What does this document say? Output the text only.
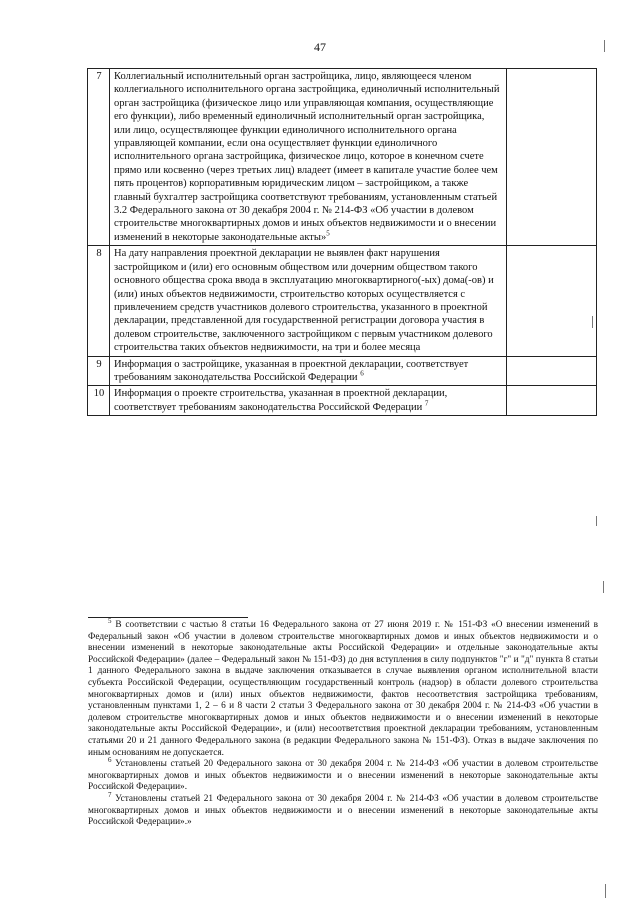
47
7	Коллегиальный исполнительный орган застройщика, лицо, являющееся членом коллегиального исполнительного органа застройщика, единоличный исполнительный орган застройщика (физическое лицо или управляющая компания, осуществляющие его функции), либо временный единоличный исполнительный орган застройщика, или лицо, осуществляющее функции единоличного исполнительного органа управляющей компании, если она осуществляет функции единоличного исполнительного органа застройщика, физическое лицо, которое в конечном счете прямо или косвенно (через третьих лиц) владеет (имеет в капитале участие более чем пять процентов) корпоративным юридическим лицом – застройщиком, а также главный бухгалтер застройщика соответствуют требованиям, установленным статьей 3.2 Федерального закона от 30 декабря 2004 г. № 214-ФЗ «Об участии в долевом строительстве многоквартирных домов и иных объектов недвижимости и о внесении изменений в некоторые законодательные акты»$^5$	
8	На дату направления проектной декларации не выявлен факт нарушения застройщиком и (или) его основным обществом или дочерним обществом такого основного общества срока ввода в эксплуатацию многоквартирного(-ых) дома(-ов) и (или) иных объектов недвижимости, строительство которых осуществляется с привлечением средств участников долевого строительства, указанного в проектной декларации, представленной для государственной регистрации договора участия в долевом строительстве, заключенного застройщиком с первым участником долевого строительства таких объектов недвижимости, на три и более месяца	
9	Информация о застройщике, указанная в проектной декларации, соответствует требованиям законодательства Российской Федерации $^6$	
10	Информация о проекте строительства, указанная в проектной декларации, соответствует требованиям законодательства Российской Федерации $^7$	

$^5$ В соответствии с частью 8 статьи 16 Федерального закона от 27 июня 2019 г. № 151-ФЗ «О внесении изменений в Федеральный закон «Об участии в долевом строительстве многоквартирных домов и иных объектов недвижимости и о внесении изменений в некоторые законодательные акты Российской Федерации» и отдельные законодательные акты Российской Федерации» (далее – Федеральный закон № 151-ФЗ) до дня вступления в силу подпунктов "г" и "д" пункта 8 статьи 1 данного Федерального закона в выдаче заключения отказывается в случае выявления органом исполнительной власти субъекта Российской Федерации, осуществляющим государственный контроль (надзор) в области долевого строительства многоквартирных домов и (или) иных объектов недвижимости, фактов несоответствия застройщика требованиям, установленным пунктами 1, 2 – 6 и 8 части 2 статьи 3 Федерального закона от 30 декабря 2004 г. № 214-ФЗ «Об участии в долевом строительстве многоквартирных домов и иных объектов недвижимости и о внесении изменений в некоторые законодательные акты Российской Федерации», и (или) несоответствия проектной декларации требованиям, установленным статьями 20 и 21 данного Федерального закона (в редакции Федерального закона № 151-ФЗ). Отказ в выдаче заключения по иным основаниям не допускается.

$^6$ Установлены статьей 20 Федерального закона от 30 декабря 2004 г. № 214-ФЗ «Об участии в долевом строительстве многоквартирных домов и иных объектов недвижимости и о внесении изменений в некоторые законодательные акты Российской Федерации».

$^7$ Установлены статьей 21 Федерального закона от 30 декабря 2004 г. № 214-ФЗ «Об участии в долевом строительстве многоквартирных домов и иных объектов недвижимости и о внесении изменений в некоторые законодательные акты Российской Федерации».»
